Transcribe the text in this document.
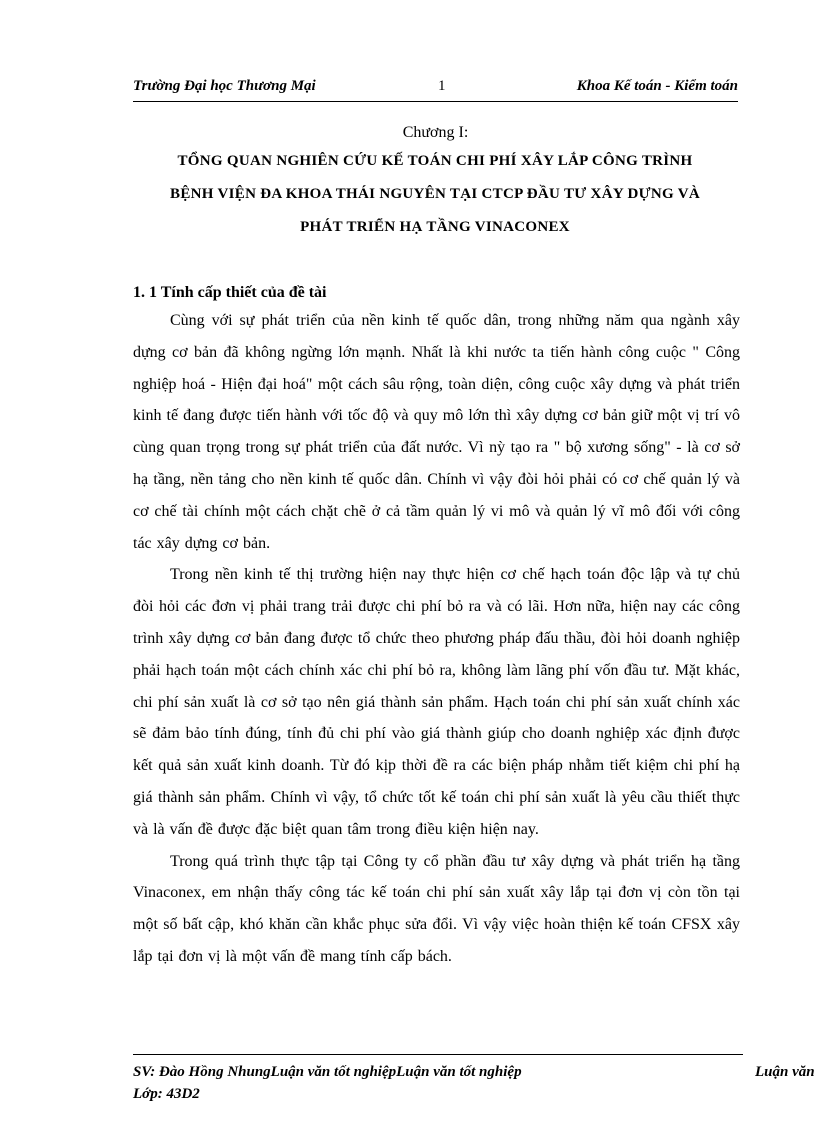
Trường Đại học Thương Mại	1	Khoa Kế toán - Kiểm toán
Chương I:
TỔNG QUAN NGHIÊN CỨU KẾ TOÁN CHI PHÍ XÂY LẮP CÔNG TRÌNH
BỆNH VIỆN ĐA KHOA THÁI NGUYÊN TẠI CTCP ĐẦU TƯ XÂY DỰNG VÀ
PHÁT TRIỂN HẠ TẦNG VINACONEX
1. 1 Tính cấp thiết của đề tài

Cùng với sự phát triển của nền kinh tế quốc dân, trong những năm qua ngành xây dựng cơ bản đã không ngừng lớn mạnh. Nhất là khi nước ta tiến hành công cuộc " Công nghiệp hoá - Hiện đại hoá" một cách sâu rộng, toàn diện, công cuộc xây dựng và phát triển kinh tế đang được tiến hành với tốc độ và quy mô lớn thì xây dựng cơ bản giữ một vị trí vô cùng quan trọng trong sự phát triển của đất nước. Vì nỳ tạo ra " bộ xương sống" - là cơ sở hạ tầng, nền tảng cho nền kinh tế quốc dân. Chính vì vậy đòi hỏi phải có cơ chế quản lý và cơ chế tài chính một cách chặt chẽ ở cả tầm quản lý vi mô và quản lý vĩ mô đối với công tác xây dựng cơ bản.

Trong nền kinh tế thị trường hiện nay thực hiện cơ chế hạch toán độc lập và tự chủ đòi hỏi các đơn vị phải trang trải được chi phí bỏ ra và có lãi. Hơn nữa, hiện nay các công trình xây dựng cơ bản đang được tổ chức theo phương pháp đấu thầu, đòi hỏi doanh nghiệp phải hạch toán một cách chính xác chi phí bỏ ra, không làm lãng phí vốn đầu tư. Mặt khác, chi phí sản xuất là cơ sở tạo nên giá thành sản phẩm. Hạch toán chi phí sản xuất chính xác sẽ đảm bảo tính đúng, tính đủ chi phí vào giá thành giúp cho doanh nghiệp xác định được kết quả sản xuất kinh doanh. Từ đó kịp thời đề ra các biện pháp nhằm tiết kiệm chi phí hạ giá thành sản phẩm. Chính vì vậy, tổ chức tốt kế toán chi phí sản xuất là yêu cầu thiết thực và là vấn đề được đặc biệt quan tâm trong điều kiện hiện nay.

Trong quá trình thực tập tại Công ty cổ phần đầu tư xây dựng và phát triển hạ tầng Vinaconex, em nhận thấy công tác kế toán chi phí sản xuất xây lắp tại đơn vị còn tồn tại một số bất cập, khó khăn cần khắc phục sửa đổi. Vì vậy việc hoàn thiện kế toán CFSX xây lắp tại đơn vị là một vấn đề mang tính cấp bách.

SV: Đào Hồng NhungLuận văn tốt nghiệpLuận văn tốt nghiệp	Luận văn
Lớp: 43D2
